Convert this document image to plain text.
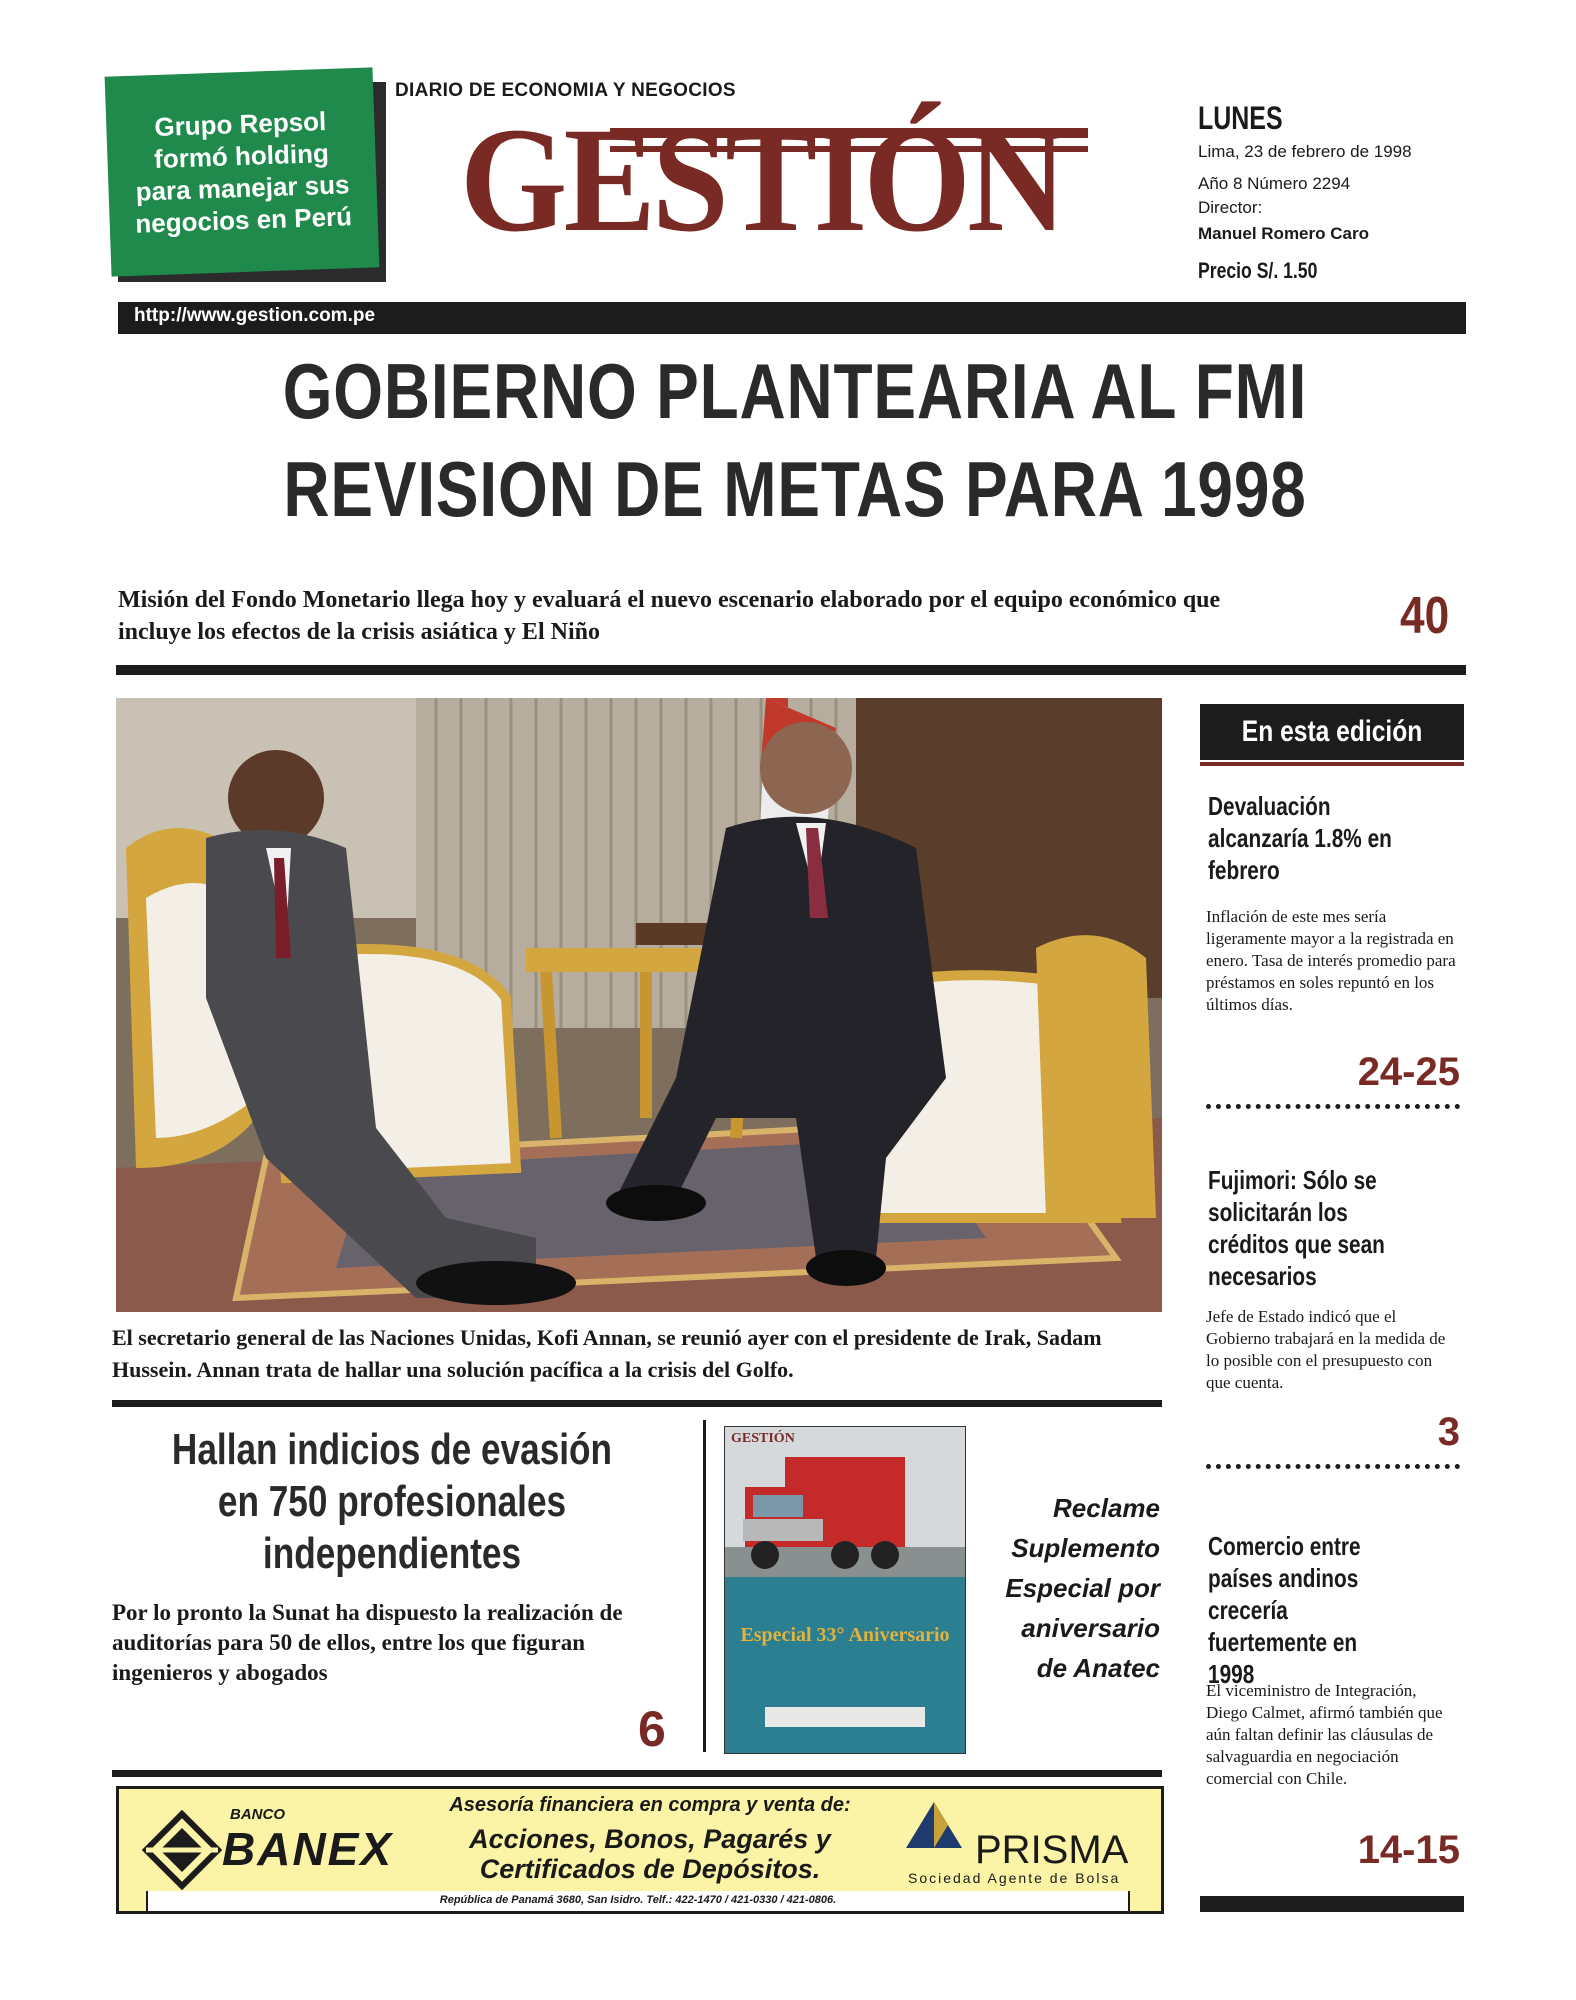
Grupo Repsol formó holding para manejar sus negocios en Perú
DIARIO DE ECONOMIA Y NEGOCIOS
GESTIÓN	LUNES
Lima, 23 de febrero de 1998
Año 8 Número 2294
Director:
Manuel Romero Caro
Precio S/. 1.50
http://www.gestion.com.pe
GOBIERNO PLANTEARIA AL FMI
REVISION DE METAS PARA 1998
Misión del Fondo Monetario llega hoy y evaluará el nuevo escenario elaborado por el equipo económico que incluye los efectos de la crisis asiática y El Niño	40
El secretario general de las Naciones Unidas, Kofi Annan, se reunió ayer con el presidente de Irak, Sadam Hussein. Annan trata de hallar una solución pacífica a la crisis del Golfo.
En esta edición
Devaluación alcanzaría 1.8% en febrero
Inflación de este mes sería ligeramente mayor a la registrada en enero. Tasa de interés promedio para préstamos en soles repuntó en los últimos días.
24-25
Fujimori: Sólo se solicitarán los créditos que sean necesarios
Jefe de Estado indicó que el Gobierno trabajará en la medida de lo posible con el presupuesto con que cuenta.
3
Comercio entre países andinos crecería fuertemente en 1998
El viceministro de Integración, Diego Calmet, afirmó también que aún faltan definir las cláusulas de salvaguardia en negociación comercial con Chile.
14-15
Hallan indicios de evasión en 750 profesionales independientes
Por lo pronto la Sunat ha dispuesto la realización de auditorías para 50 de ellos, entre los que figuran ingenieros y abogados
6
GESTIÓN
Especial 33° Aniversario
Reclame Suplemento Especial por aniversario de Anatec
BANCO
BANEX
Asesoría financiera en compra y venta de:
Acciones, Bonos, Pagarés y Certificados de Depósitos.	PRISMA
Sociedad Agente de Bolsa
República de Panamá 3680, San Isidro. Telf.: 422-1470 / 421-0330 / 421-0806.
